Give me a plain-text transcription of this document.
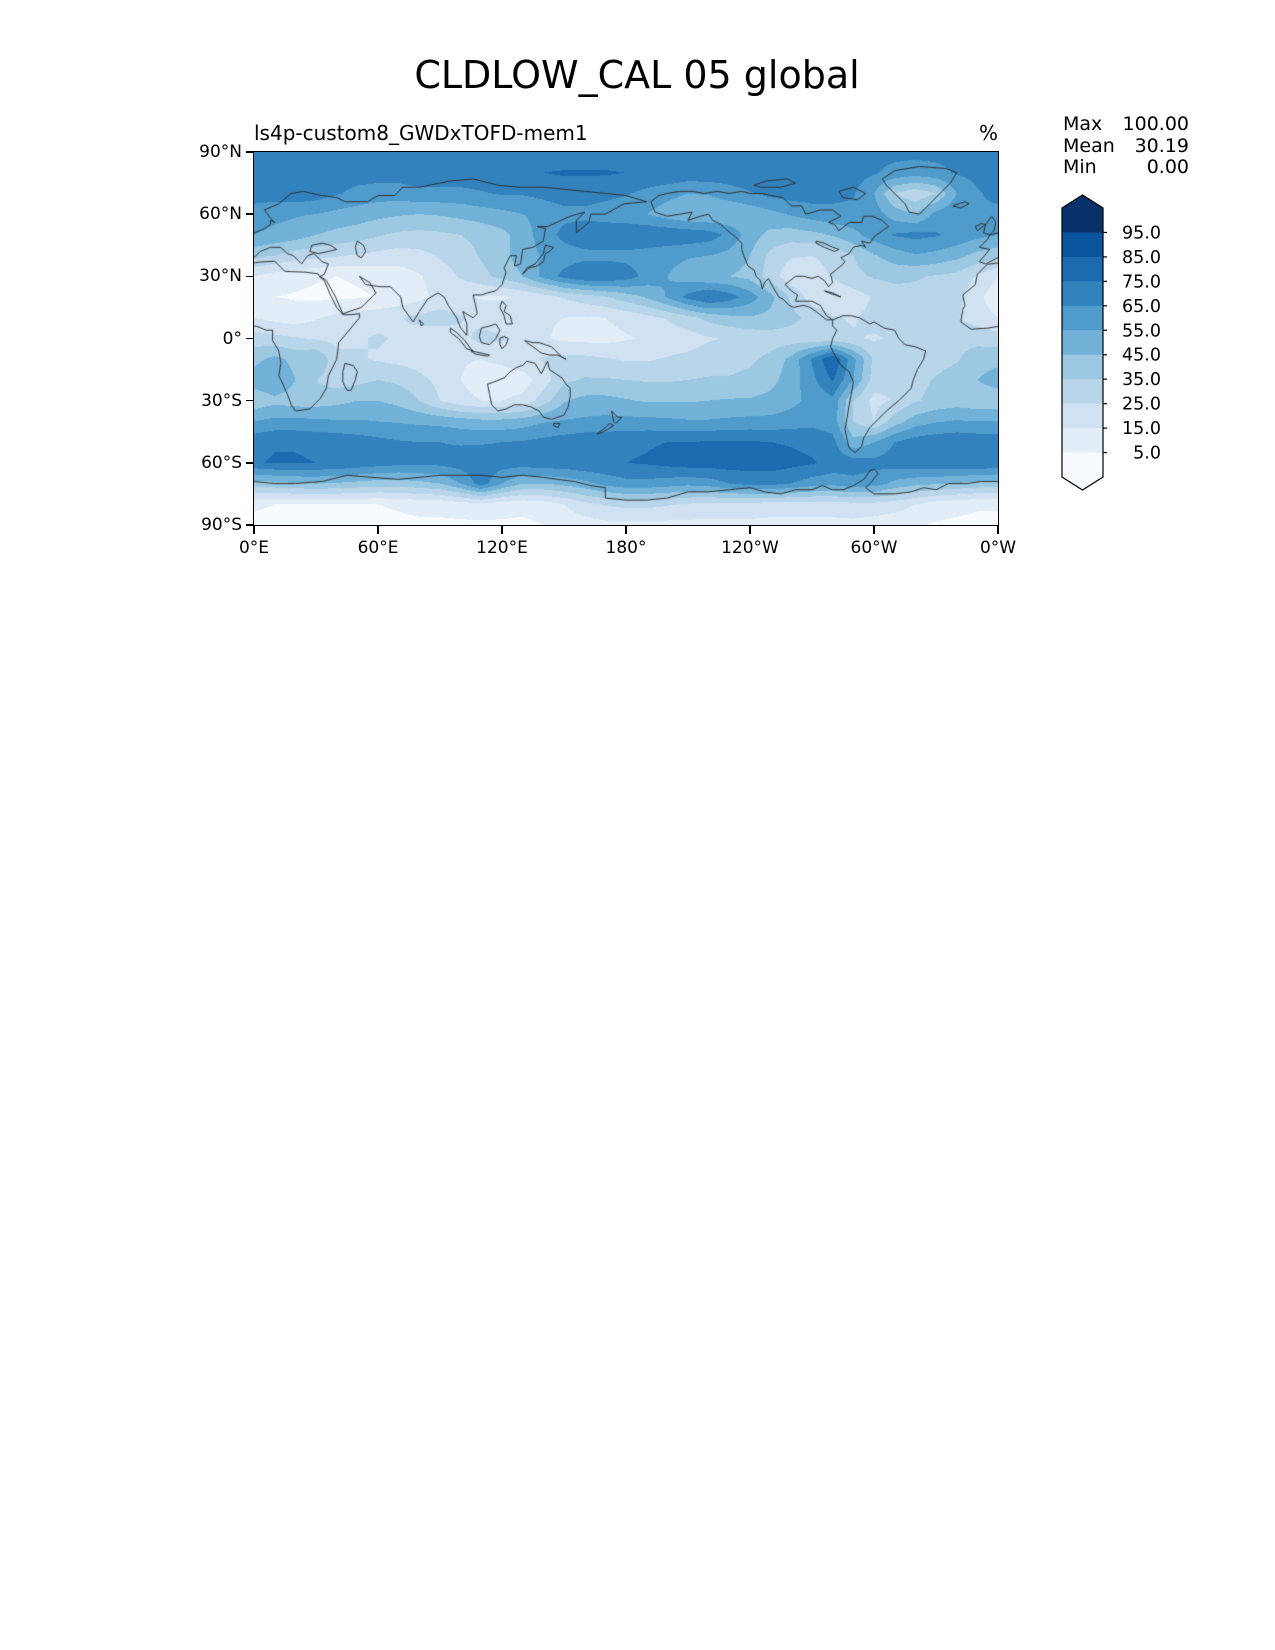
CLDLOW_CAL 05 global
ls4p-custom8_GWDxTOFD-mem1	%	Max 100.00
Mean 30.19
Min	0.00
90°N
60°N
30°N
0°
30°S
60°S
90°S
0°E	60°E	120°E	180°	120°W	60°W	0°W
95.0
85.0
75.0
65.0
55.0
45.0
35.0
25.0
15.0
5.0
